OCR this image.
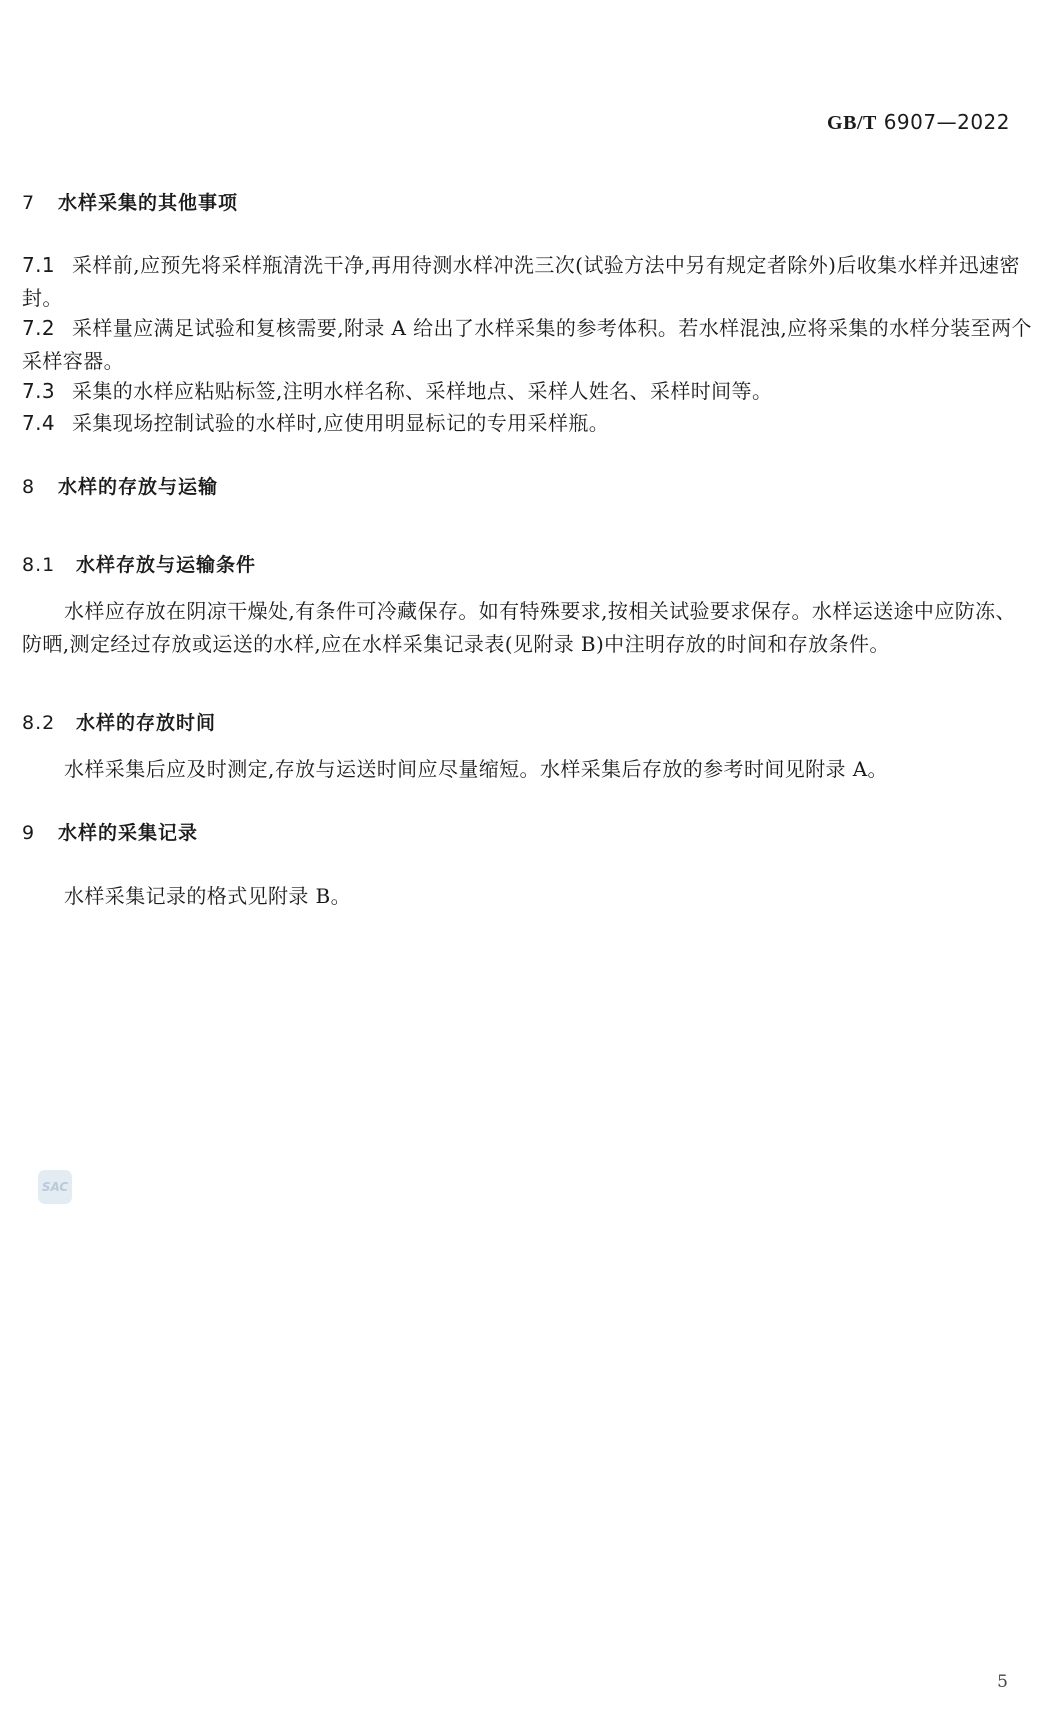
GB/T 6907—2022
7 水样采集的其他事项
7.1 采样前,应预先将采样瓶清洗干净,再用待测水样冲洗三次(试验方法中另有规定者除外)后收集水样并迅速密封。
7.2 采样量应满足试验和复核需要,附录 A 给出了水样采集的参考体积。若水样混浊,应将采集的水样分装至两个采样容器。
7.3 采集的水样应粘贴标签,注明水样名称、采样地点、采样人姓名、采样时间等。
7.4 采集现场控制试验的水样时,应使用明显标记的专用采样瓶。
8 水样的存放与运输
8.1 水样存放与运输条件
水样应存放在阴凉干燥处,有条件可冷藏保存。如有特殊要求,按相关试验要求保存。水样运送途中应防冻、防晒,测定经过存放或运送的水样,应在水样采集记录表(见附录 B)中注明存放的时间和存放条件。
8.2 水样的存放时间
水样采集后应及时测定,存放与运送时间应尽量缩短。水样采集后存放的参考时间见附录 A。
9 水样的采集记录
水样采集记录的格式见附录 B。
SAC
5
